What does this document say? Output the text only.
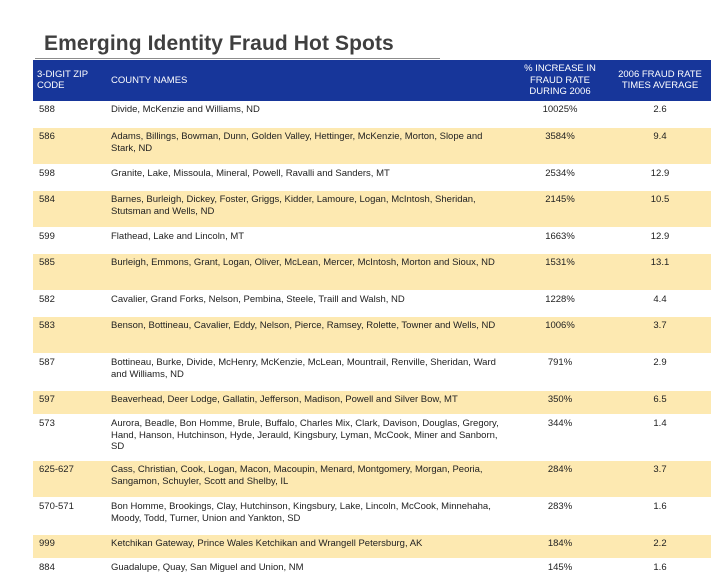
Emerging Identity Fraud Hot Spots
3-DIGIT ZIP CODE	COUNTY NAMES	% INCREASE IN FRAUD RATE DURING 2006	2006 FRAUD RATE TIMES AVERAGE
588	Divide, McKenzie and Williams, ND	10025%	2.6
586	Adams, Billings, Bowman, Dunn, Golden Valley, Hettinger, McKenzie, Morton, Slope and Stark, ND	3584%	9.4
598	Granite, Lake, Missoula, Mineral, Powell, Ravalli and Sanders, MT	2534%	12.9
584	Barnes, Burleigh, Dickey, Foster, Griggs, Kidder, Lamoure, Logan, McIntosh, Sheridan, Stutsman and Wells, ND	2145%	10.5
599	Flathead, Lake and Lincoln, MT	1663%	12.9
585	Burleigh, Emmons, Grant, Logan, Oliver, McLean, Mercer, McIntosh, Morton and Sioux, ND	1531%	13.1
582	Cavalier, Grand Forks, Nelson, Pembina, Steele, Traill and Walsh, ND	1228%	4.4
583	Benson, Bottineau, Cavalier, Eddy, Nelson, Pierce, Ramsey, Rolette, Towner and Wells, ND	1006%	3.7
587	Bottineau, Burke, Divide, McHenry, McKenzie, McLean, Mountrail, Renville, Sheridan, Ward and Williams, ND	791%	2.9
597	Beaverhead, Deer Lodge, Gallatin, Jefferson, Madison, Powell and Silver Bow, MT	350%	6.5
573	Aurora, Beadle, Bon Homme, Brule, Buffalo, Charles Mix, Clark, Davison, Douglas, Gregory, Hand, Hanson, Hutchinson, Hyde, Jerauld, Kingsbury, Lyman, McCook, Miner and Sanborn, SD	344%	1.4
625-627	Cass, Christian, Cook, Logan, Macon, Macoupin, Menard, Montgomery, Morgan, Peoria, Sangamon, Schuyler, Scott and Shelby, IL	284%	3.7
570-571	Bon Homme, Brookings, Clay, Hutchinson, Kingsbury, Lake, Lincoln, McCook, Minnehaha, Moody, Todd, Turner, Union and Yankton, SD	283%	1.6
999	Ketchikan Gateway, Prince Wales Ketchikan and Wrangell Petersburg, AK	184%	2.2
884	Guadalupe, Quay, San Miguel and Union, NM	145%	1.6
